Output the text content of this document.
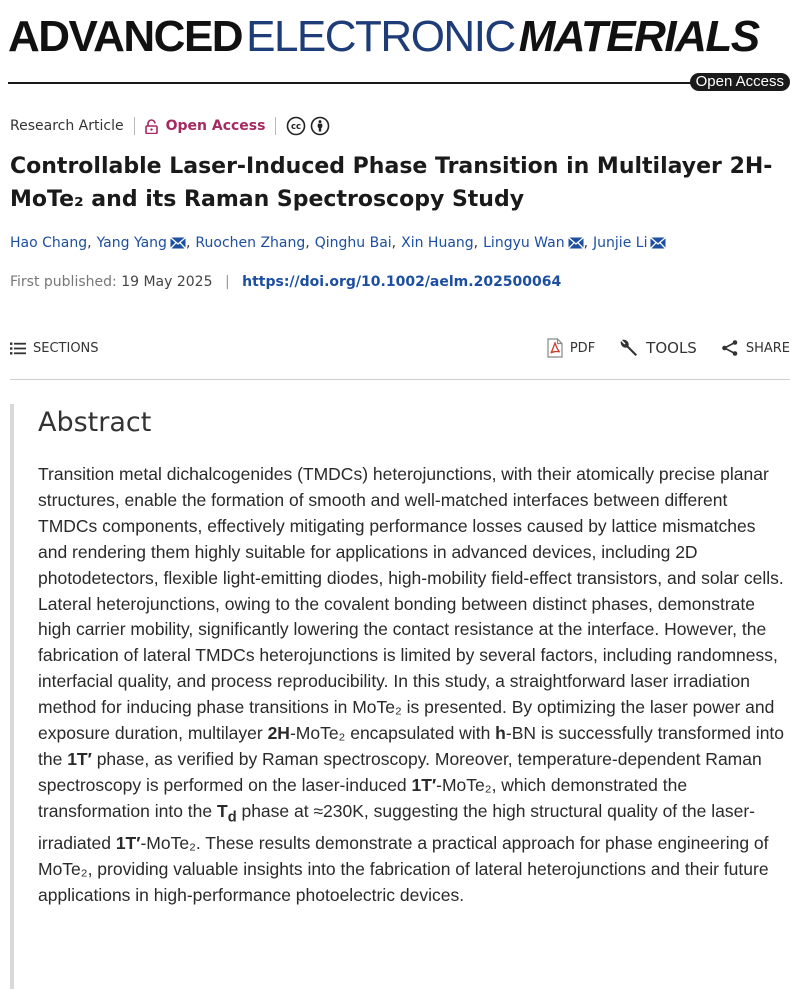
ADVANCEDELECTRONICMATERIALS
Open Access
Research Article	Open Access	cc
Controllable Laser-Induced Phase Transition in Multilayer 2H-MoTe₂ and its Raman Spectroscopy Study
Hao Chang , Yang Yang , Ruochen Zhang , Qinghu Bai , Xin Huang , Lingyu Wan , Junjie Li
First published: 19 May 2025 | https://doi.org/10.1002/aelm.202500064
SECTIONS	PDF	TOOLS	SHARE
Abstract

Transition metal dichalcogenides (TMDCs) heterojunctions, with their atomically precise planar structures, enable the formation of smooth and well-matched interfaces between different TMDCs components, effectively mitigating performance losses caused by lattice mismatches and rendering them highly suitable for applications in advanced devices, including 2D photodetectors, flexible light-emitting diodes, high-mobility field-effect transistors, and solar cells. Lateral heterojunctions, owing to the covalent bonding between distinct phases, demonstrate high carrier mobility, significantly lowering the contact resistance at the interface. However, the fabrication of lateral TMDCs heterojunctions is limited by several factors, including randomness, interfacial quality, and process reproducibility. In this study, a straightforward laser irradiation method for inducing phase transitions in MoTe₂ is presented. By optimizing the laser power and exposure duration, multilayer 2H-MoTe₂ encapsulated with h-BN is successfully transformed into the 1T′ phase, as verified by Raman spectroscopy. Moreover, temperature-dependent Raman spectroscopy is performed on the laser-induced 1T′-MoTe₂, which demonstrated the transformation into the $T_d$ phase at ≈230K, suggesting the high structural quality of the laser-irradiated 1T′-MoTe₂. These results demonstrate a practical approach for phase engineering of MoTe₂, providing valuable insights into the fabrication of lateral heterojunctions and their future applications in high-performance photoelectric devices.
